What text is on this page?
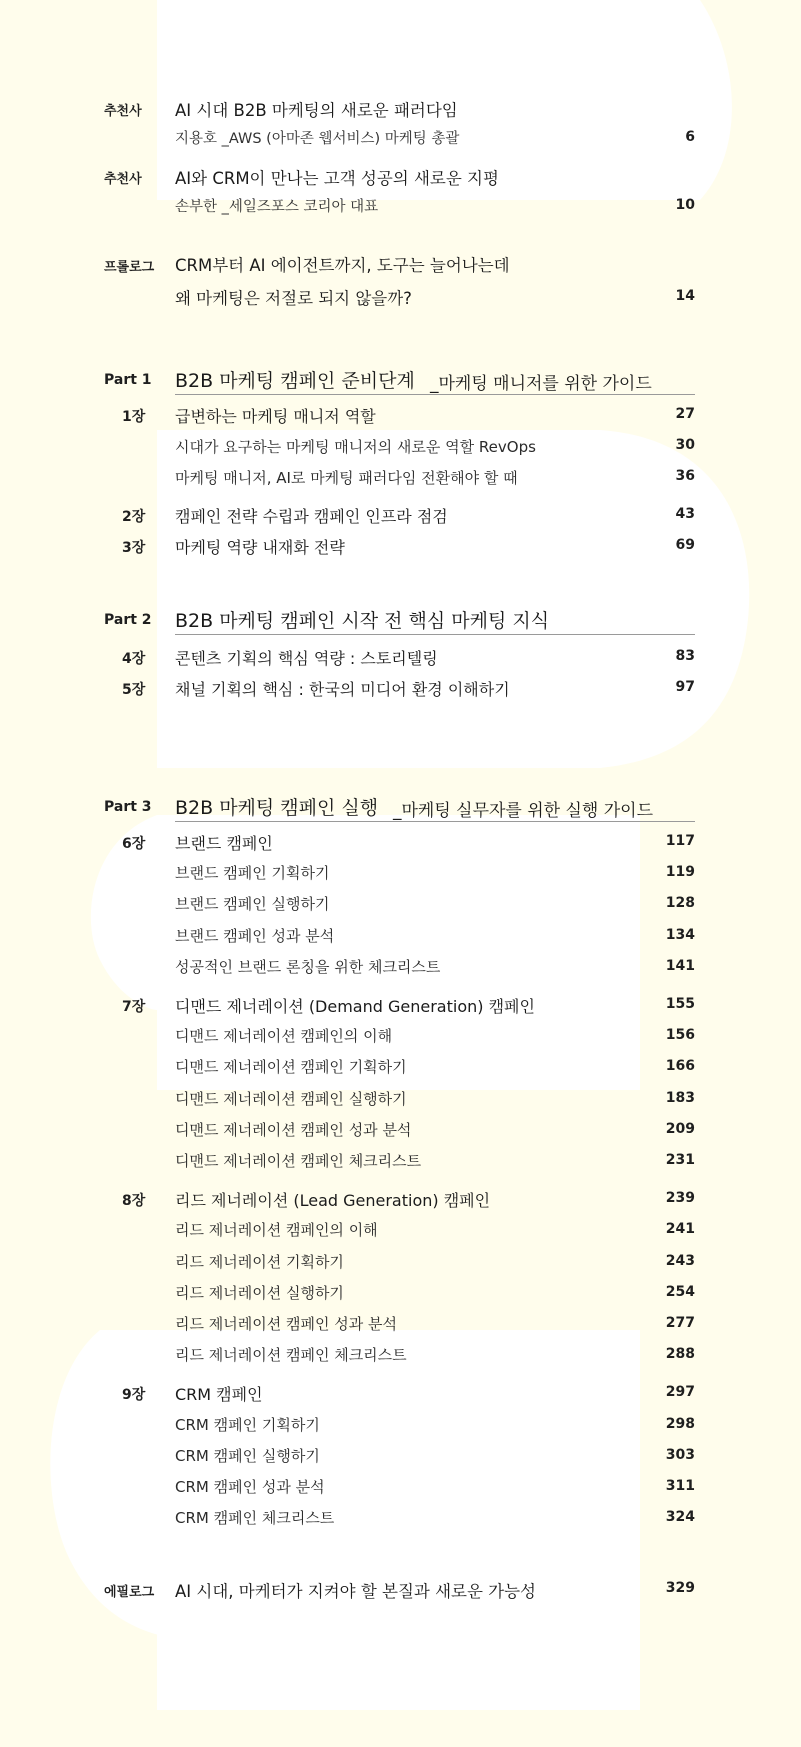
추천사 AI 시대 B2B 마케팅의 새로운 패러다임
지용호 _AWS (아마존 웹서비스) 마케팅 총괄	6
추천사 AI와 CRM이 만나는 고객 성공의 새로운 지평
손부한 _세일즈포스 코리아 대표	10
프롤로그 CRM부터 AI 에이전트까지, 도구는 늘어나는데
왜 마케팅은 저절로 되지 않을까?	14
Part 1 B2B 마케팅 캠페인 준비단계 _마케팅 매니저를 위한 가이드
1장 급변하는 마케팅 매니저 역할	27
시대가 요구하는 마케팅 매니저의 새로운 역할 RevOps	30
마케팅 매니저, AI로 마케팅 패러다임 전환해야 할 때	36
2장 캠페인 전략 수립과 캠페인 인프라 점검	43
3장 마케팅 역량 내재화 전략	69
Part 2 B2B 마케팅 캠페인 시작 전 핵심 마케팅 지식
4장 콘텐츠 기획의 핵심 역량 : 스토리텔링	83
5장 채널 기획의 핵심 : 한국의 미디어 환경 이해하기	97
Part 3 B2B 마케팅 캠페인 실행 _마케팅 실무자를 위한 실행 가이드
6장 브랜드 캠페인	117
브랜드 캠페인 기획하기	119
브랜드 캠페인 실행하기	128
브랜드 캠페인 성과 분석	134
성공적인 브랜드 론칭을 위한 체크리스트	141
7장 디맨드 제너레이션 (Demand Generation) 캠페인	155
디맨드 제너레이션 캠페인의 이해	156
디맨드 제너레이션 캠페인 기획하기	166
디맨드 제너레이션 캠페인 실행하기	183
디맨드 제너레이션 캠페인 성과 분석	209
디맨드 제너레이션 캠페인 체크리스트	231
8장 리드 제너레이션 (Lead Generation) 캠페인	239
리드 제너레이션 캠페인의 이해	241
리드 제너레이션 기획하기	243
리드 제너레이션 실행하기	254
리드 제너레이션 캠페인 성과 분석	277
리드 제너레이션 캠페인 체크리스트	288
9장 CRM 캠페인	297
CRM 캠페인 기획하기	298
CRM 캠페인 실행하기	303
CRM 캠페인 성과 분석	311
CRM 캠페인 체크리스트	324
에필로그 AI 시대, 마케터가 지켜야 할 본질과 새로운 가능성	329
